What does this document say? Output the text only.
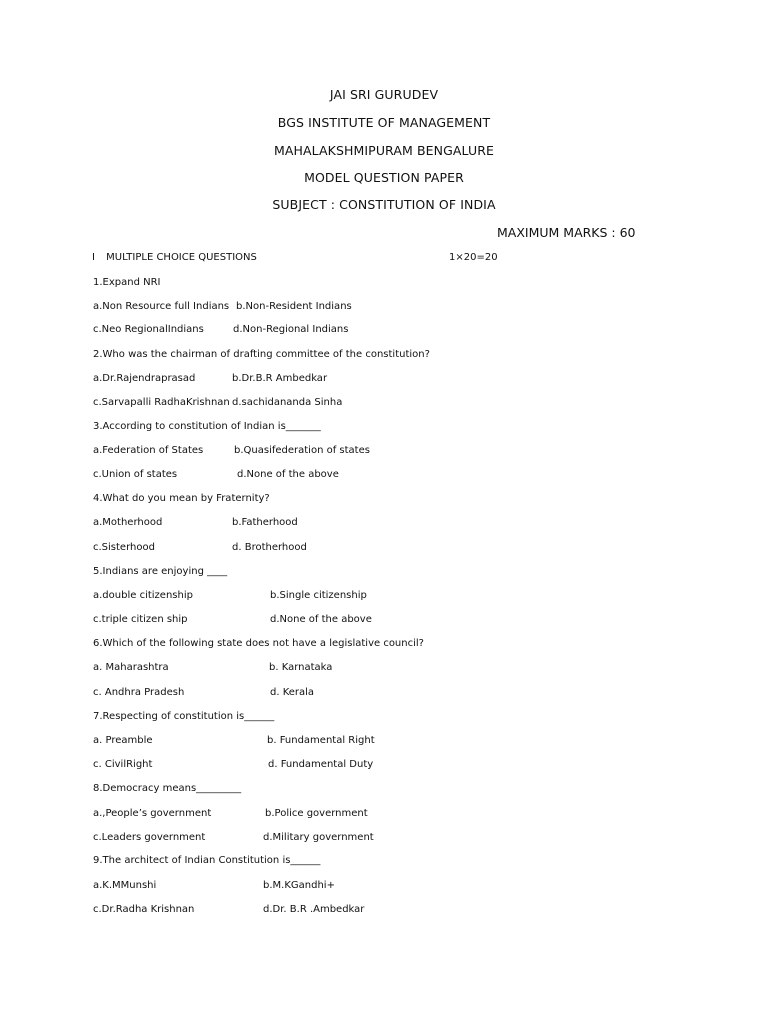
JAI SRI GURUDEV
BGS INSTITUTE OF MANAGEMENT
MAHALAKSHMIPURAM BENGALURE
MODEL QUESTION PAPER
SUBJECT : CONSTITUTION OF INDIA
MAXIMUM MARKS : 60
I MULTIPLE CHOICE QUESTIONS	1×20=20
1.Expand NRI
a.Non Resource full Indians b.Non-Resident Indians
c.Neo RegionalIndians	d.Non-Regional Indians
2.Who was the chairman of drafting committee of the constitution?
a.Dr.Rajendraprasad	b.Dr.B.R Ambedkar
c.Sarvapalli RadhaKrishnan d.sachidananda Sinha
3.According to constitution of Indian is_______
a.Federation of States	b.Quasifederation of states
c.Union of states	d.None of the above
4.What do you mean by Fraternity?
a.Motherhood	b.Fatherhood
c.Sisterhood	d. Brotherhood
5.Indians are enjoying ____
a.double citizenship	b.Single citizenship
c.triple citizen ship	d.None of the above
6.Which of the following state does not have a legislative council?
a. Maharashtra	b. Karnataka
c. Andhra Pradesh	d. Kerala
7.Respecting of constitution is______
a. Preamble	b. Fundamental Right
c. CivilRight	d. Fundamental Duty
8.Democracy means_________
a.,People’s government	b.Police government
c.Leaders government	d.Military government
9.The architect of Indian Constitution is______
a.K.MMunshi	b.M.KGandhi+
c.Dr.Radha Krishnan	d.Dr. B.R .Ambedkar
